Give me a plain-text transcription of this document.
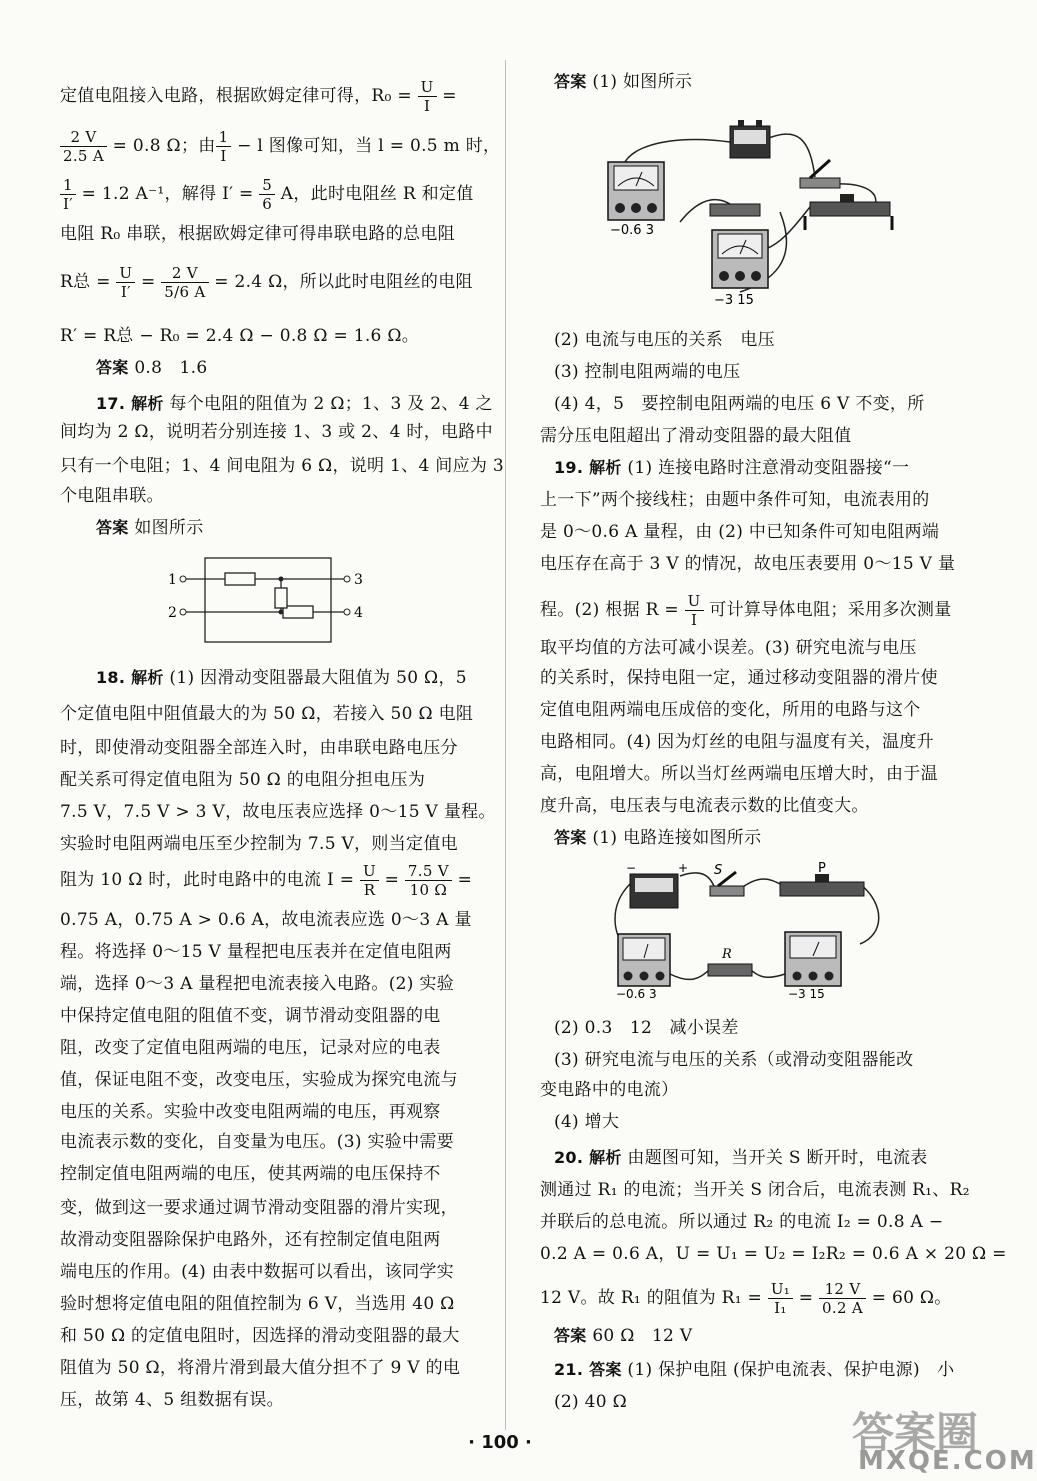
定值电阻接入电路，根据欧姆定律可得，$R_0 = \frac{U}{I}$ =
$\frac{2 V}{2.5 A} = 0.8$ Ω；由 $\frac{1}{I} - l$ 图像可知，当 l = 0.5 m 时，
$\frac{1}{I'} = 1.2$ A⁻¹，解得 $I' = \frac{5}{6}$ A，此时电阻丝 R 和定值
电阻 R₀ 串联，根据欧姆定律可得串联电路的总电阻
R总 = $\frac{U}{I'} = \frac{2 V}{5/6 A} = 2.4$ Ω，所以此时电阻丝的电阻
R′ = R总 − R₀ = 2.4 Ω − 0.8 Ω = 1.6 Ω。
答案 0.8　1.6
17. 解析 每个电阻的阻值为 2 Ω；1、3 及 2、4 之
间均为 2 Ω，说明若分别连接 1、3 或 2、4 时，电路中
只有一个电阻；1、4 间电阻为 6 Ω，说明 1、4 间应为 3
个电阻串联。
答案 如图所示
1
2
3
4
18. 解析 (1) 因滑动变阻器最大阻值为 50 Ω，5
个定值电阻中阻值最大的为 50 Ω，若接入 50 Ω 电阻
时，即使滑动变阻器全部连入时，由串联电路电压分
配关系可得定值电阻为 50 Ω 的电阻分担电压为
7.5 V，7.5 V > 3 V，故电压表应选择 0～15 V 量程。
实验时电阻两端电压至少控制为 7.5 V，则当定值电
阻为 10 Ω 时，此时电路中的电流 $I = \frac{U}{R} = \frac{7.5 V}{10 \Omega}$ =
0.75 A，0.75 A > 0.6 A，故电流表应选 0～3 A 量
程。将选择 0～15 V 量程把电压表并在定值电阻两
端，选择 0～3 A 量程把电流表接入电路。(2) 实验
中保持定值电阻的阻值不变，调节滑动变阻器的电
阻，改变了定值电阻两端的电压，记录对应的电表
值，保证电阻不变，改变电压，实验成为探究电流与
电压的关系。实验中改变电阻两端的电压，再观察
电流表示数的变化，自变量为电压。(3) 实验中需要
控制定值电阻两端的电压，使其两端的电压保持不
变，做到这一要求通过调节滑动变阻器的滑片实现，
故滑动变阻器除保护电路外，还有控制定值电阻两
端电压的作用。(4) 由表中数据可以看出，该同学实
验时想将定值电阻的阻值控制为 6 V，当选用 40 Ω
和 50 Ω 的定值电阻时，因选择的滑动变阻器的最大
阻值为 50 Ω，将滑片滑到最大值分担不了 9 V 的电
压，故第 4、5 组数据有误。
答案 (1) 如图所示
−0.6 3
−3 15
(2) 电流与电压的关系　电压
(3) 控制电阻两端的电压
(4) 4，5　要控制电阻两端的电压 6 V 不变，所
需分压电阻超出了滑动变阻器的最大阻值
19. 解析 (1) 连接电路时注意滑动变阻器接“一
上一下”两个接线柱；由题中条件可知，电流表用的
是 0～0.6 A 量程，由 (2) 中已知条件可知电阻两端
电压存在高于 3 V 的情况，故电压表要用 0～15 V 量
程。(2) 根据 $R = \frac{U}{I}$ 可计算导体电阻；采用多次测量
取平均值的方法可减小误差。(3) 研究电流与电压
的关系时，保持电阻一定，通过移动变阻器的滑片使
定值电阻两端电压成倍的变化，所用的电路与这个
电路相同。(4) 因为灯丝的电阻与温度有关，温度升
高，电阻增大。所以当灯丝两端电压增大时，由于温
度升高，电压表与电流表示数的比值变大。
答案 (1) 电路连接如图所示
−	+ S	P
R
−0.6 3	−3 15
(2) 0.3　12　减小误差
(3) 研究电流与电压的关系（或滑动变阻器能改
变电路中的电流）
(4) 增大
20. 解析 由题图可知，当开关 S 断开时，电流表
测通过 R₁ 的电流；当开关 S 闭合后，电流表测 R₁、R₂
并联后的总电流。所以通过 R₂ 的电流 I₂ = 0.8 A −
0.2 A = 0.6 A，U = U₁ = U₂ = I₂R₂ = 0.6 A × 20 Ω =
12 V。故 R₁ 的阻值为 $R_1 = \frac{\text{U₁}}{\text{I₁}} = \frac{12 V}{0.2 A} = 60$ Ω。
答案 60 Ω　12 V
21. 答案 (1) 保护电阻 (保护电流表、保护电源)　小
(2) 40 Ω
· 100 ·	答案圈
MXQE.COM
